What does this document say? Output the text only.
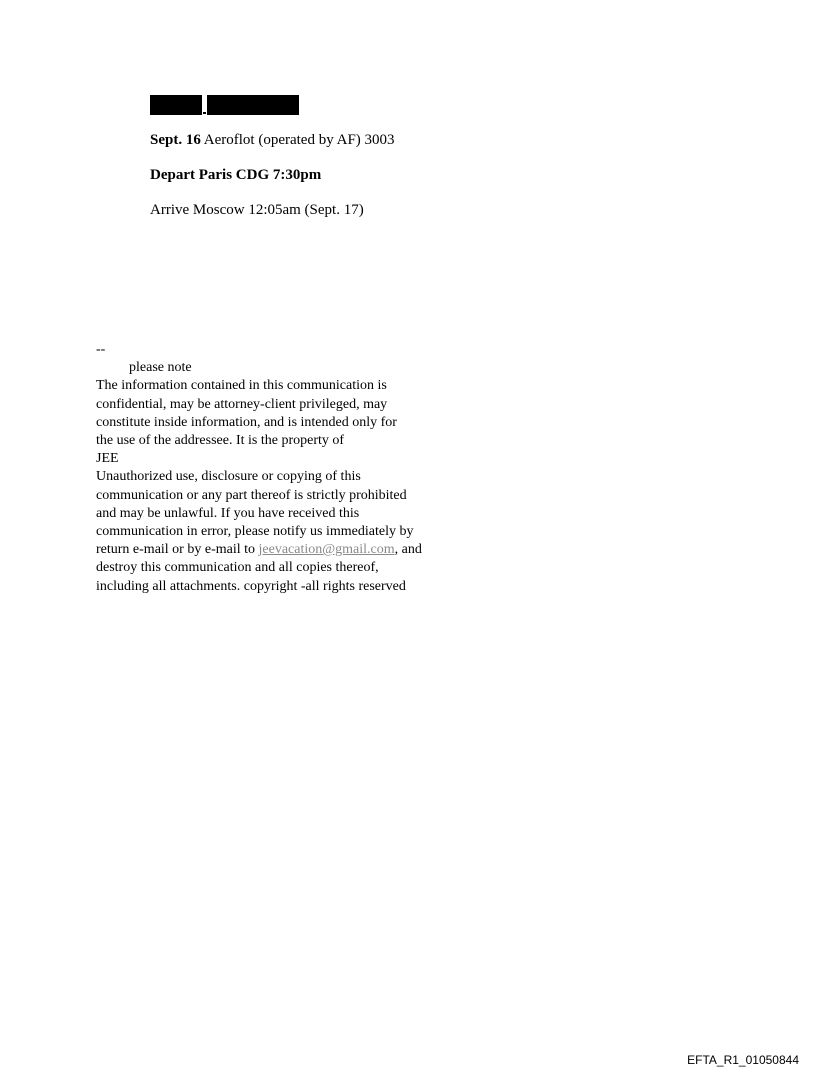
Sept. 16 Aeroflot (operated by AF) 3003
Depart Paris CDG 7:30pm
Arrive Moscow 12:05am (Sept. 17)
--
please note
The information contained in this communication is
confidential, may be attorney-client privileged, may
constitute inside information, and is intended only for
the use of the addressee. It is the property of
JEE
Unauthorized use, disclosure or copying of this
communication or any part thereof is strictly prohibited
and may be unlawful. If you have received this
communication in error, please notify us immediately by
return e-mail or by e-mail to jeevacation@gmail.com, and
destroy this communication and all copies thereof,
including all attachments. copyright -all rights reserved
EFTA_R1_01050844
